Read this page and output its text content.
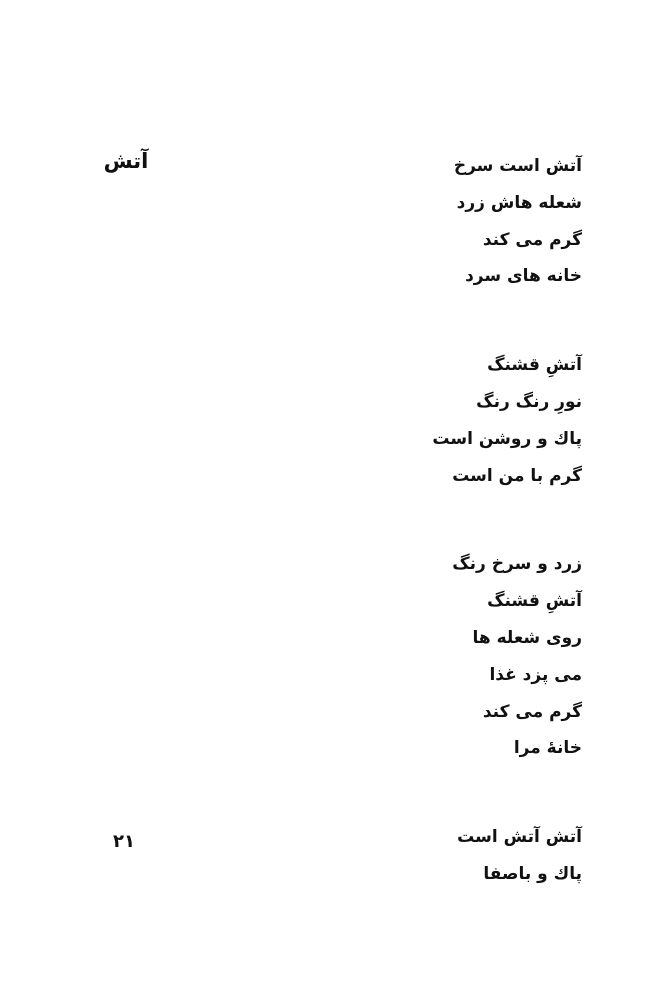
آتش	آتش است سرخ
شعله هاش زرد
گرم می کند
خانه های سرد
آتشِ قشنگ
نورِ رنگ رنگ
پاك و روشن است
گرم با من است
زرد و سرخ رنگ
آتشِ قشنگ
روی شعله ها
می پزد غذا
گرم می کند
خانهٔ مرا
آتش آتش است
پاك و باصفا
۲۱
